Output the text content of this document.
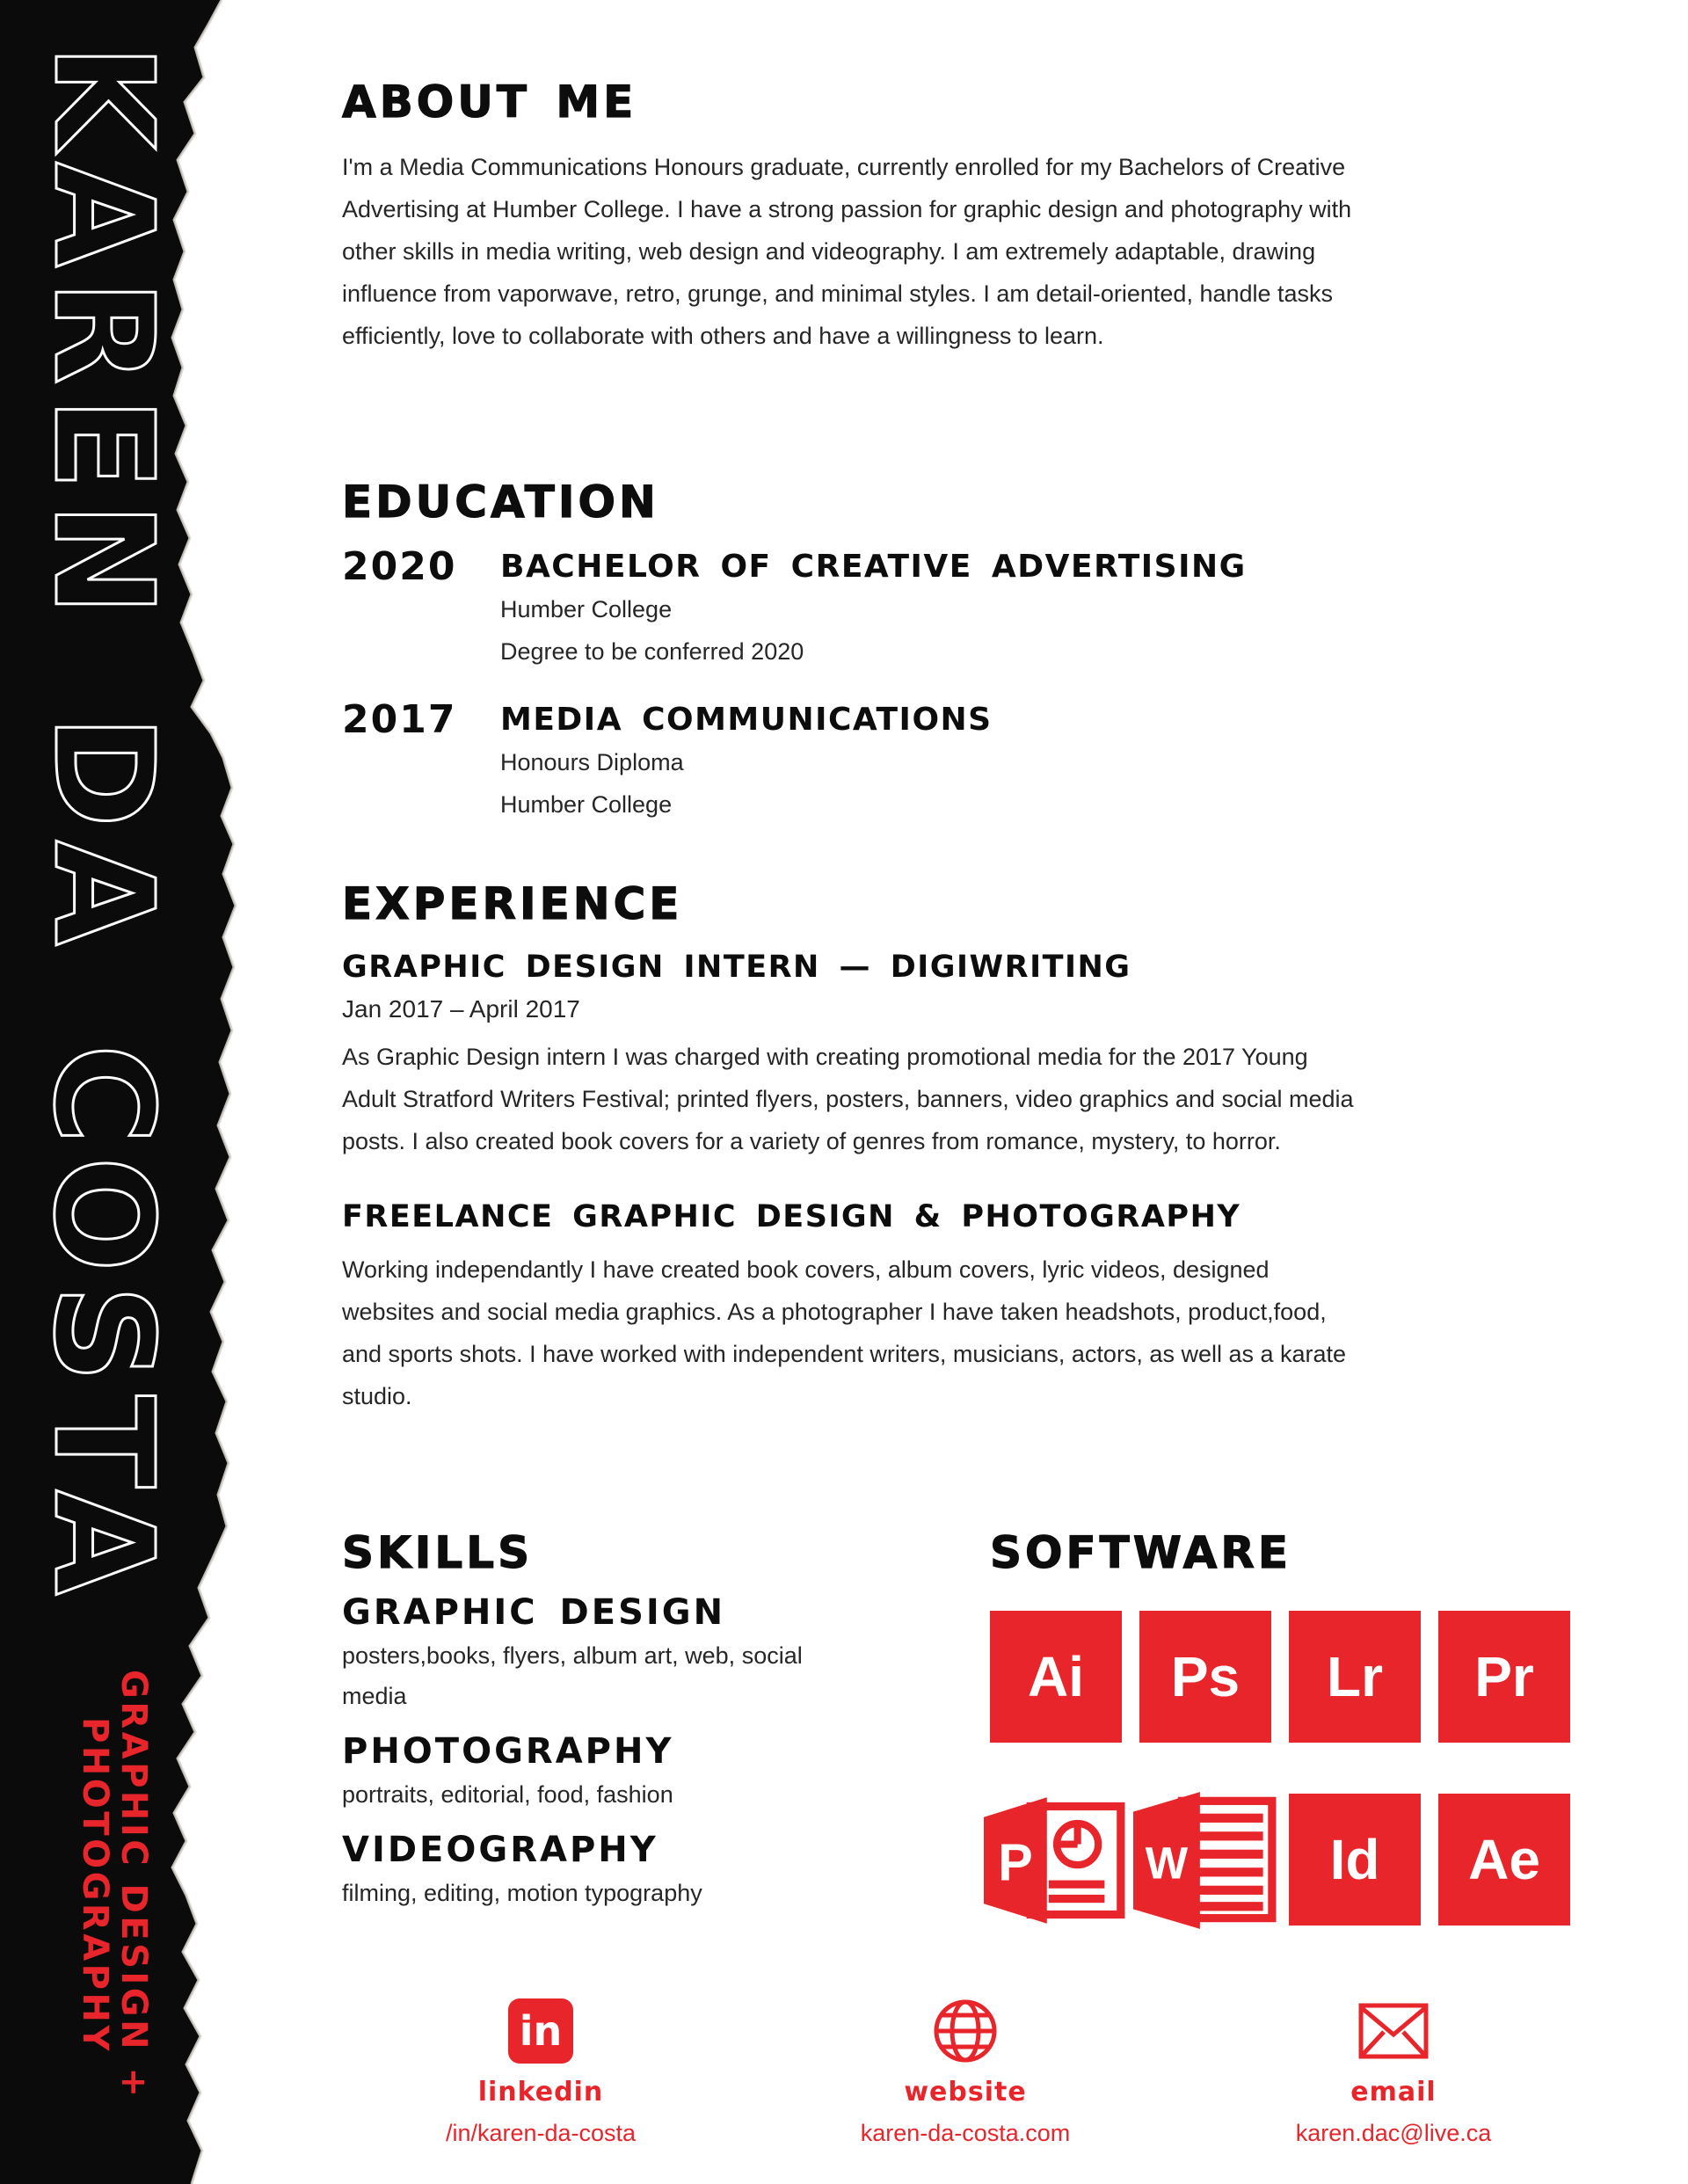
KAREN DA COSTA
GRAPHIC DESIGN +
PHOTOGRAPHY
ABOUT ME

I'm a Media Communications Honours graduate, currently enrolled for my Bachelors of Creative Advertising at Humber College. I have a strong passion for graphic design and photography with other skills in media writing, web design and videography. I am extremely adaptable, drawing influence from vaporwave, retro, grunge, and minimal styles. I am detail-oriented, handle tasks efficiently, love to collaborate with others and have a willingness to learn.

EDUCATION
2020	BACHELOR OF CREATIVE ADVERTISING
Humber College
Degree to be conferred 2020
2017	MEDIA COMMUNICATIONS
Honours Diploma
Humber College
EXPERIENCE
GRAPHIC DESIGN INTERN — DIGIWRITING
Jan 2017 – April 2017

As Graphic Design intern I was charged with creating promotional media for the 2017 Young Adult Stratford Writers Festival; printed flyers, posters, banners, video graphics and social media posts. I also created book covers for a variety of genres from romance, mystery, to horror.

FREELANCE GRAPHIC DESIGN & PHOTOGRAPHY

Working independantly I have created book covers, album covers, lyric videos, designed websites and social media graphics. As a photographer I have taken headshots, product,food, and sports shots. I have worked with independent writers, musicians, actors, as well as a karate studio.

SKILLS
GRAPHIC DESIGN
posters,books, flyers, album art, web, social media
PHOTOGRAPHY
portraits, editorial, food, fashion
VIDEOGRAPHY
filming, editing, motion typography
SOFTWARE
Ai Ps Lr Pr
P	W	Id Ae
in
linkedin
/in/karen-da-costa
website
karen-da-costa.com
email
karen.dac@live.ca
